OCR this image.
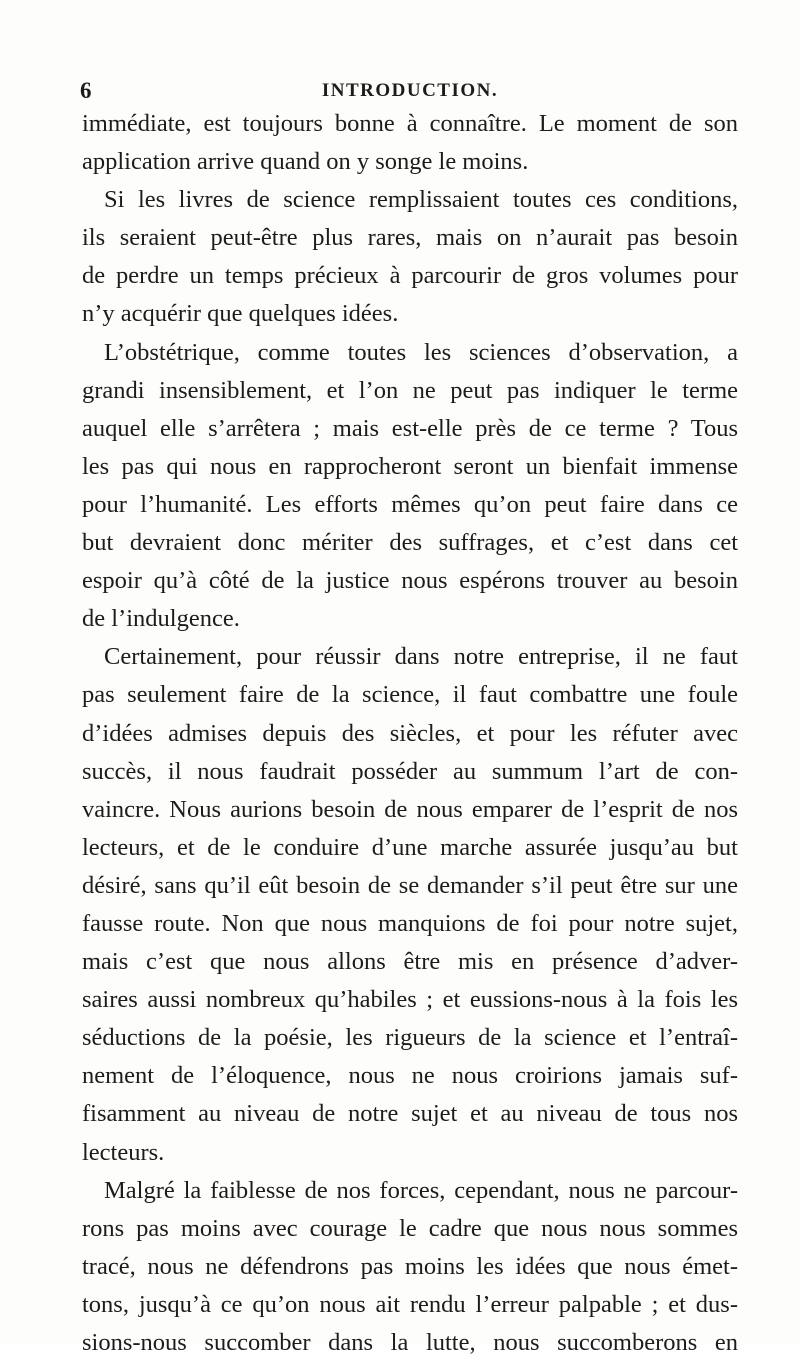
6	INTRODUCTION.
immédiate, est toujours bonne à connaître. Le moment de son
application arrive quand on y songe le moins.
Si les livres de science remplissaient toutes ces conditions,
ils seraient peut-être plus rares, mais on n’aurait pas besoin
de perdre un temps précieux à parcourir de gros volumes pour
n’y acquérir que quelques idées.
L’obstétrique, comme toutes les sciences d’observation, a
grandi insensiblement, et l’on ne peut pas indiquer le terme
auquel elle s’arrêtera ; mais est-elle près de ce terme ? Tous
les pas qui nous en rapprocheront seront un bienfait immense
pour l’humanité. Les efforts mêmes qu’on peut faire dans ce
but devraient donc mériter des suffrages, et c’est dans cet
espoir qu’à côté de la justice nous espérons trouver au besoin
de l’indulgence.
Certainement, pour réussir dans notre entreprise, il ne faut
pas seulement faire de la science, il faut combattre une foule
d’idées admises depuis des siècles, et pour les réfuter avec
succès, il nous faudrait posséder au summum l’art de con-
vaincre. Nous aurions besoin de nous emparer de l’esprit de nos
lecteurs, et de le conduire d’une marche assurée jusqu’au but
désiré, sans qu’il eût besoin de se demander s’il peut être sur une
fausse route. Non que nous manquions de foi pour notre sujet,
mais c’est que nous allons être mis en présence d’adver-
saires aussi nombreux qu’habiles ; et eussions-nous à la fois les
séductions de la poésie, les rigueurs de la science et l’entraî-
nement de l’éloquence, nous ne nous croirions jamais suf-
fisamment au niveau de notre sujet et au niveau de tous nos
lecteurs.
Malgré la faiblesse de nos forces, cependant, nous ne parcour-
rons pas moins avec courage le cadre que nous nous sommes
tracé, nous ne défendrons pas moins les idées que nous émet-
tons, jusqu’à ce qu’on nous ait rendu l’erreur palpable ; et dus-
sions-nous succomber dans la lutte, nous succomberons en
